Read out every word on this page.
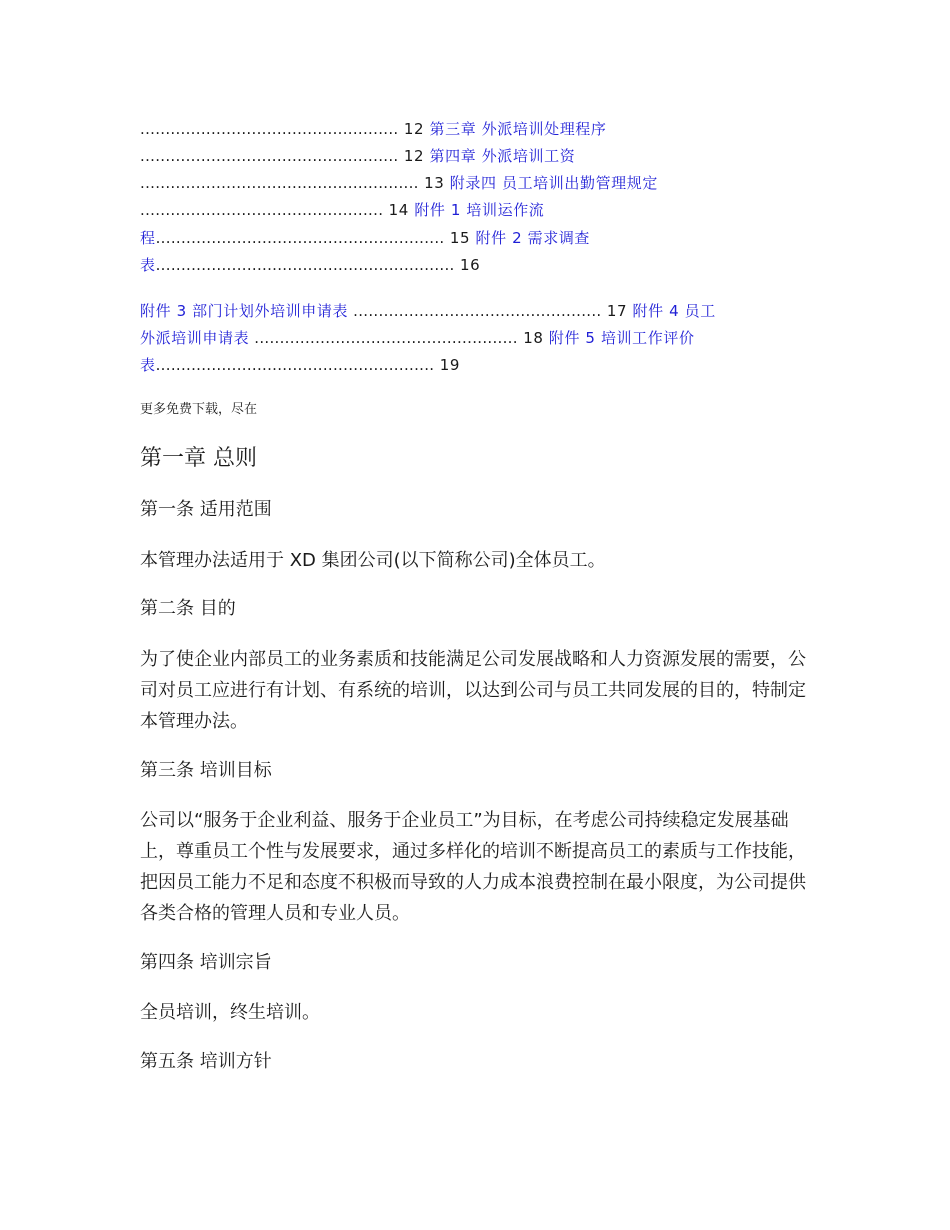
................................................... 12 第三章 外派培训处理程序
................................................... 12 第四章 外派培训工资
....................................................... 13 附录四 员工培训出勤管理规定
................................................ 14 附件 1 培训运作流
程......................................................... 15 附件 2 需求调查
表........................................................... 16
附件 3 部门计划外培训申请表 ................................................. 17 附件 4 员工
外派培训申请表 .................................................... 18 附件 5 培训工作评价
表....................................................... 19
更多免费下载，尽在
第一章 总则
第一条 适用范围
本管理办法适用于 XD 集团公司(以下简称公司)全体员工。
第二条 目的
为了使企业内部员工的业务素质和技能满足公司发展战略和人力资源发展的需要，公司对员工应进行有计划、有系统的培训，以达到公司与员工共同发展的目的，特制定本管理办法。
第三条 培训目标
公司以“服务于企业利益、服务于企业员工”为目标，在考虑公司持续稳定发展基础上，尊重员工个性与发展要求，通过多样化的培训不断提高员工的素质与工作技能，把因员工能力不足和态度不积极而导致的人力成本浪费控制在最小限度，为公司提供各类合格的管理人员和专业人员。
第四条 培训宗旨
全员培训，终生培训。
第五条 培训方针
